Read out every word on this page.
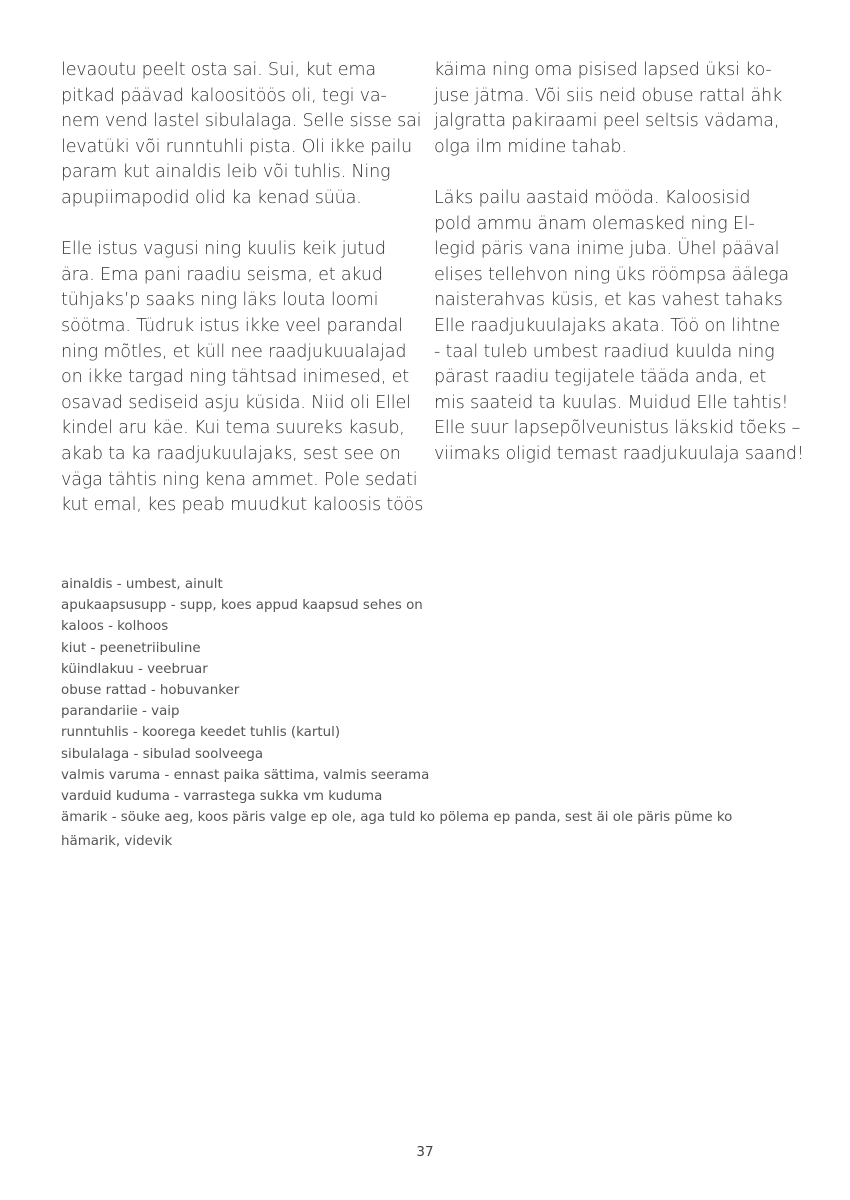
levaoutu peelt osta sai. Sui, kut ema
pitkad päävad kaloositöös oli, tegi va-
nem vend lastel sibulalaga. Selle sisse sai
levatüki või runntuhli pista. Oli ikke pailu
param kut ainaldis leib või tuhlis. Ning
apupiimapodid olid ka kenad süüa.
Elle istus vagusi ning kuulis keik jutud
ära. Ema pani raadiu seisma, et akud
tühjaks’p saaks ning läks louta loomi
söötma. Tüdruk istus ikke veel parandal
ning mõtles, et küll nee raadjukuualajad
on ikke targad ning tähtsad inimesed, et
osavad sediseid asju küsida. Niid oli Ellel
kindel aru käe. Kui tema suureks kasub,
akab ta ka raadjukuulajaks, sest see on
väga tähtis ning kena ammet. Pole sedati
kut emal, kes peab muudkut kaloosis töös
käima ning oma pisised lapsed üksi ko-
juse jätma. Või siis neid obuse rattal ähk
jalgratta pakiraami peel seltsis vädama,
olga ilm midine tahab.
Läks pailu aastaid mööda. Kaloosisid
pold ammu änam olemasked ning El-
legid päris vana inime juba. Ühel pääval
elises tellehvon ning üks röömpsa äälega
naisterahvas küsis, et kas vahest tahaks
Elle raadjukuulajaks akata. Töö on lihtne
- taal tuleb umbest raadiud kuulda ning
pärast raadiu tegijatele tääda anda, et
mis saateid ta kuulas. Muidud Elle tahtis!
Elle suur lapsepõlveunistus läkskid tõeks –
viimaks oligid temast raadjukuulaja saand!
ainaldis - umbest, ainult
apukaapsusupp - supp, koes appud kaapsud sehes on
kaloos - kolhoos
kiut - peenetriibuline
küindlakuu - veebruar
obuse rattad - hobuvanker
parandariie - vaip
runntuhlis - koorega keedet tuhlis (kartul)
sibulalaga - sibulad soolveega
valmis varuma - ennast paika sättima, valmis seerama
varduid kuduma - varrastega sukka vm kuduma
ämarik - söuke aeg, koos päris valge ep ole, aga tuld ko pölema ep panda, sest äi ole päris püme ko
hämarik, videvik
37
